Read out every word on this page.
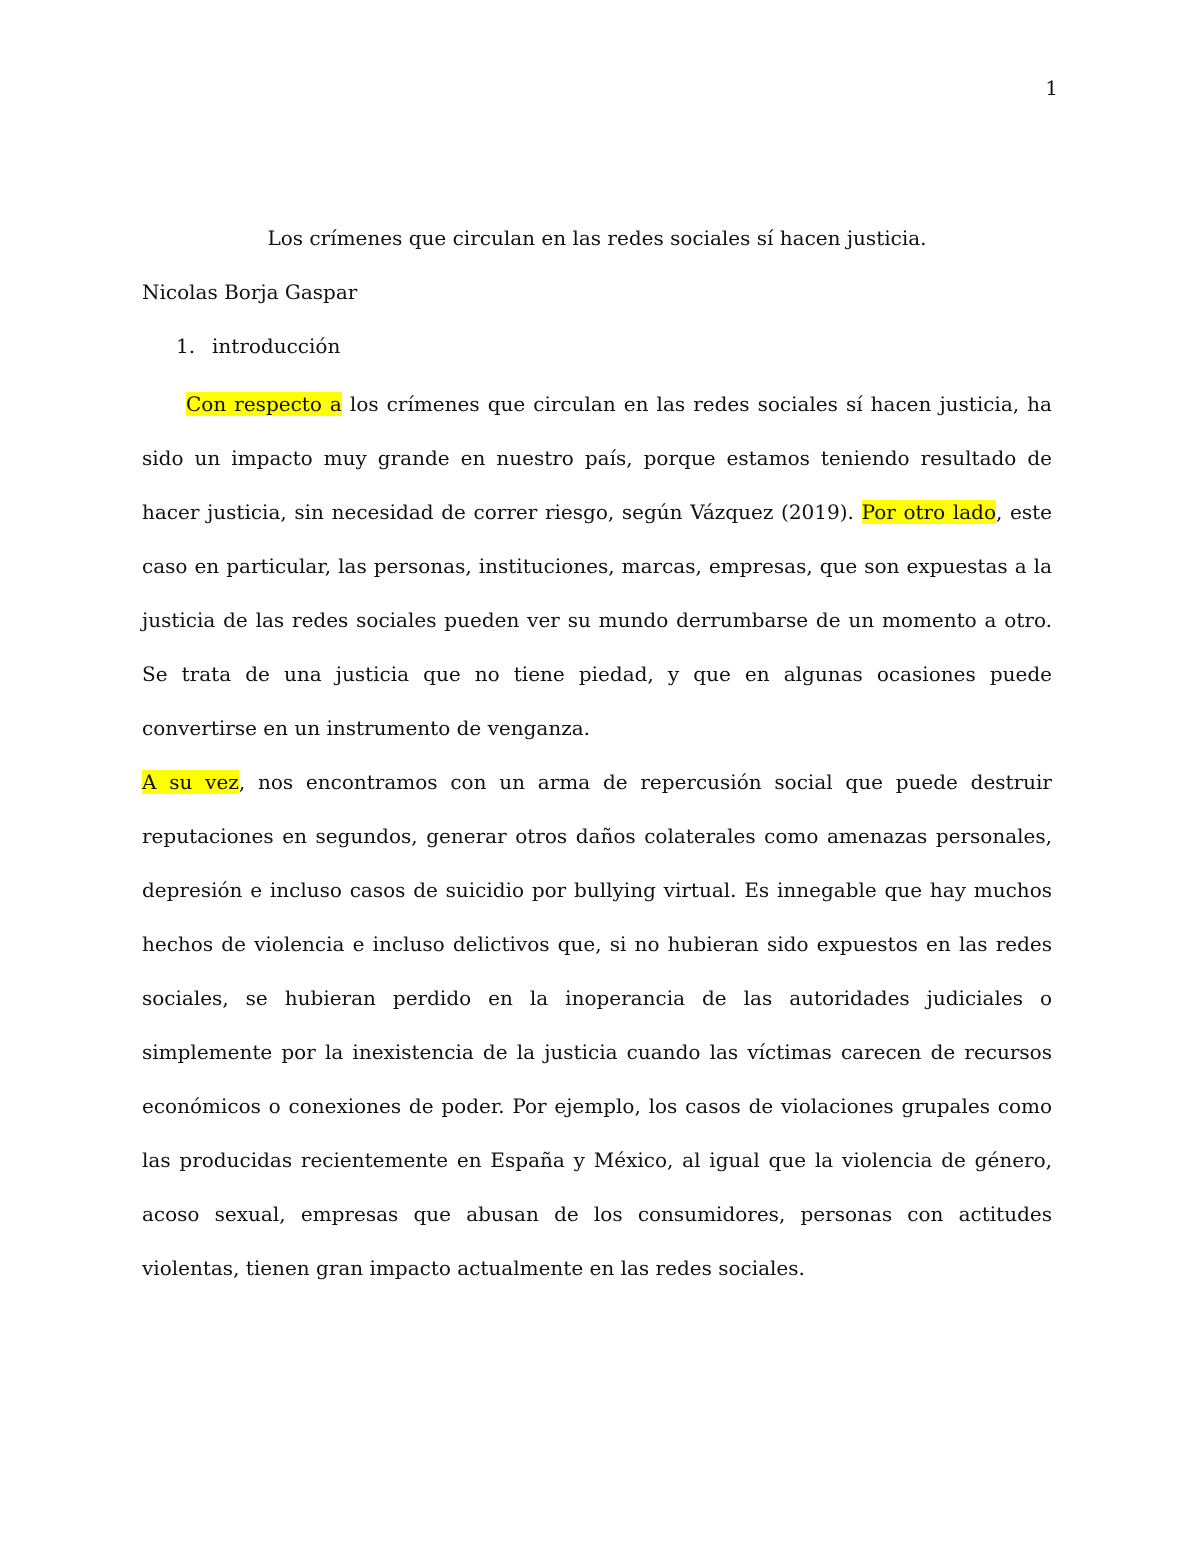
1

Los crímenes que circulan en las redes sociales sí hacen justicia.

Nicolas Borja Gaspar

1. introducción

Con respecto a los crímenes que circulan en las redes sociales sí hacen justicia, ha sido un impacto muy grande en nuestro país, porque estamos teniendo resultado de hacer justicia, sin necesidad de correr riesgo, según Vázquez (2019). Por otro lado, este caso en particular, las personas, instituciones, marcas, empresas, que son expuestas a la justicia de las redes sociales pueden ver su mundo derrumbarse de un momento a otro. Se trata de una justicia que no tiene piedad, y que en algunas ocasiones puede convertirse en un instrumento de venganza.

A su vez, nos encontramos con un arma de repercusión social que puede destruir reputaciones en segundos, generar otros daños colaterales como amenazas personales, depresión e incluso casos de suicidio por bullying virtual. Es innegable que hay muchos hechos de violencia e incluso delictivos que, si no hubieran sido expuestos en las redes sociales, se hubieran perdido en la inoperancia de las autoridades judiciales o simplemente por la inexistencia de la justicia cuando las víctimas carecen de recursos económicos o conexiones de poder. Por ejemplo, los casos de violaciones grupales como las producidas recientemente en España y México, al igual que la violencia de género, acoso sexual, empresas que abusan de los consumidores, personas con actitudes violentas, tienen gran impacto actualmente en las redes sociales.
